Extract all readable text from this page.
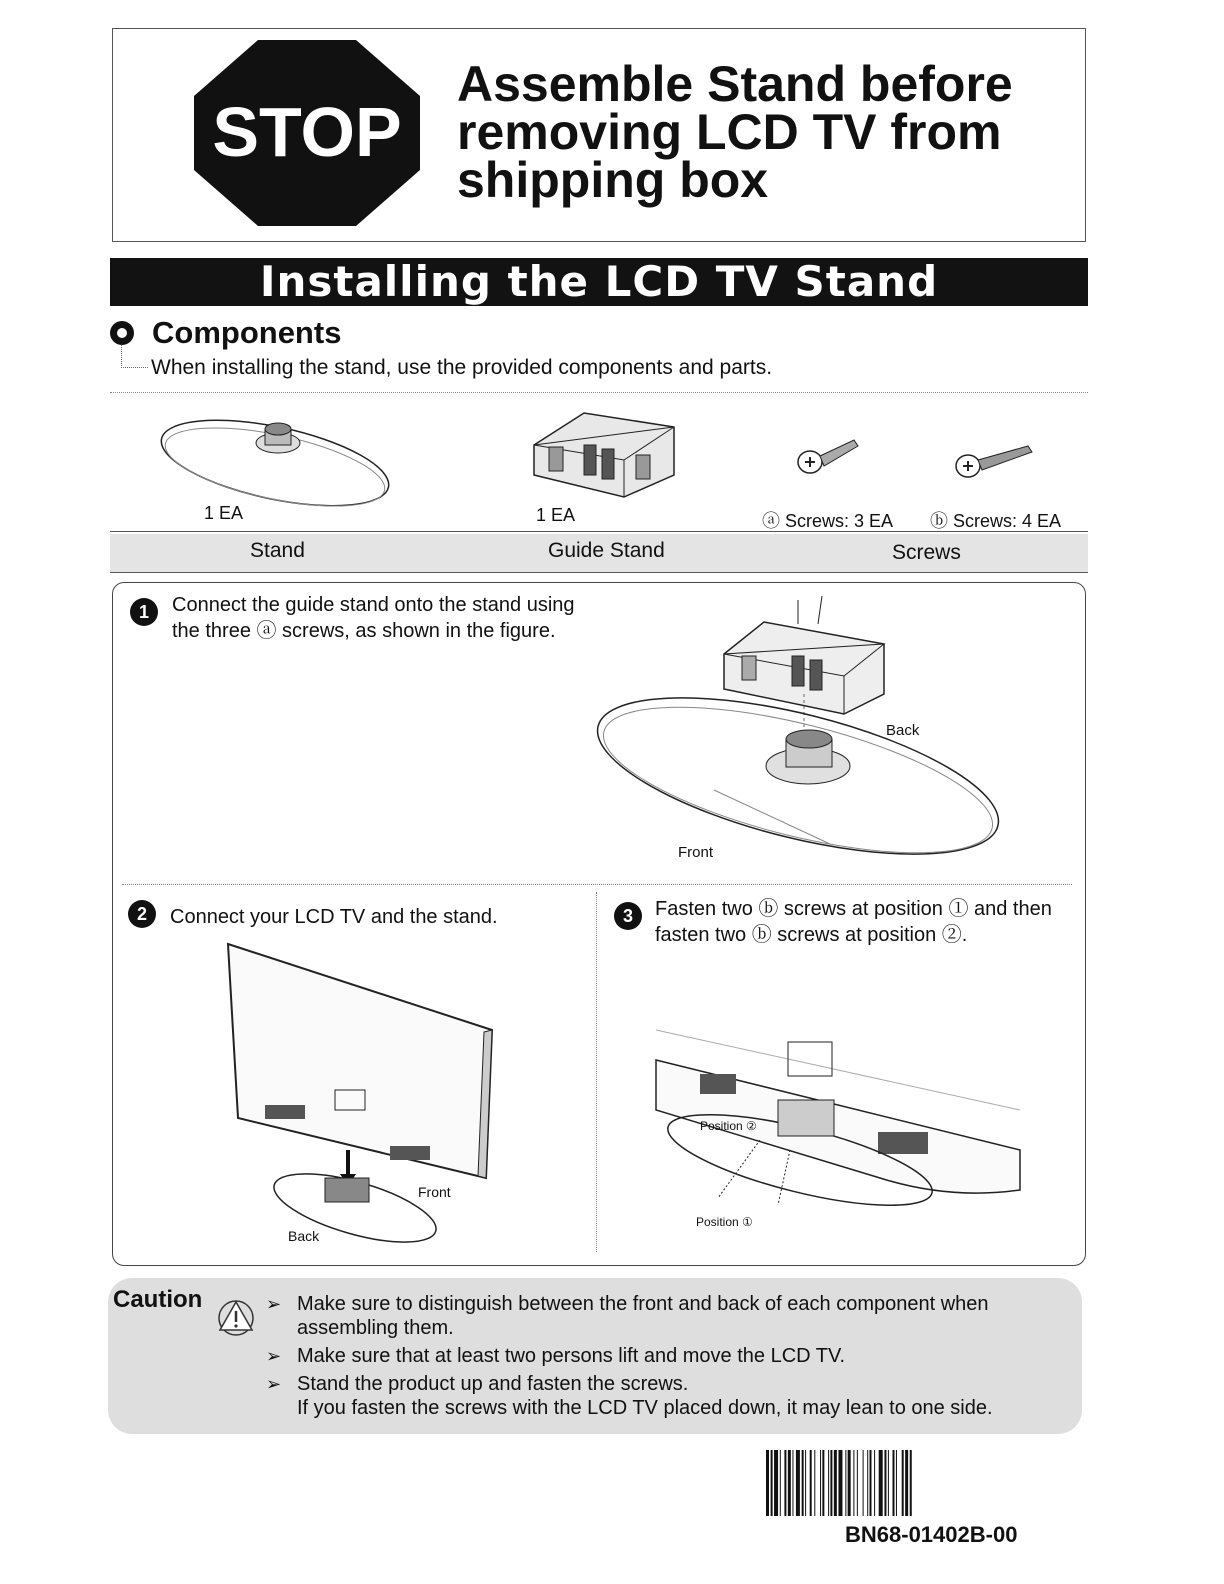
STOP
Assemble Stand before
removing LCD TV from
shipping box
Installing the LCD TV Stand
Components
When installing the stand, use the provided components and parts.
1 EA	1 EA	ⓐ Screws: 3 EA ⓑ Screws: 4 EA
Stand	Guide Stand	Screws
1	Connect the guide stand onto the stand using
the three ⓐ screws, as shown in the figure.
Back
Front
2	Connect your LCD TV and the stand.
Front
Back
3	Fasten two ⓑ screws at position ① and then
fasten two ⓑ screws at position ②.
Position ②
Position ①
Caution	➢ Make sure to distinguish between the front and back of each component when
assembling them.
➢ Make sure that at least two persons lift and move the LCD TV.
➢ Stand the product up and fasten the screws.
If you fasten the screws with the LCD TV placed down, it may lean to one side.
BN68-01402B-00
